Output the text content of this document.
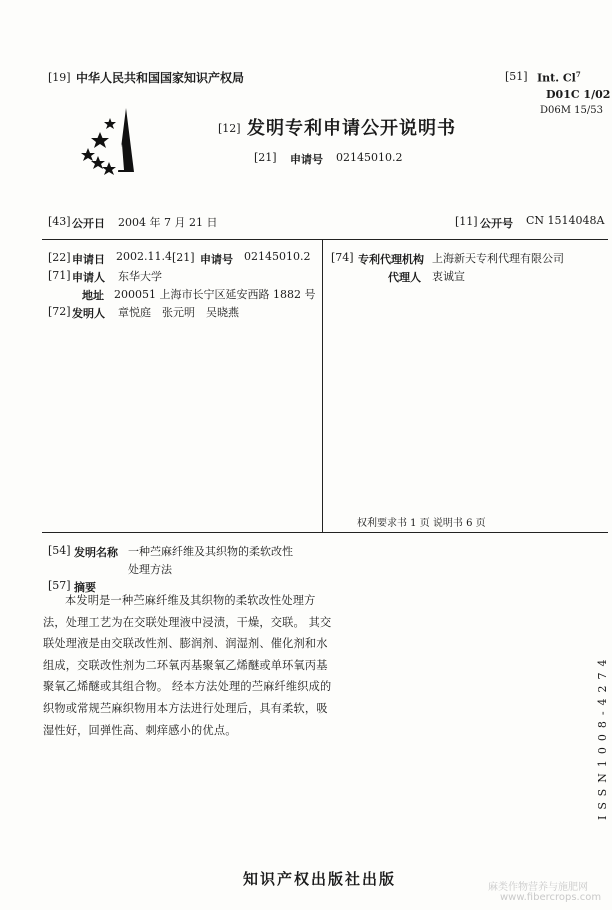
[19] 中华人民共和国国家知识产权局	[51] Int. Cl$^7$
D01C 1/02
D06M 15/53
[12] 发明专利申请公开说明书
[21] 申请号 02145010.2
[43] 公开日 2004 年 7 月 21 日	[11] 公开号 CN 1514048A
[22] 申请日 2002.11.4 [21] 申请号 02145010.2
[71] 申请人 东华大学
地址 200051 上海市长宁区延安西路 1882 号
[72] 发明人 章悦庭　张元明　吴晓燕
[74] 专利代理机构 上海新天专利代理有限公司
代理人 衷诚宣
权利要求书 1 页 说明书 6 页
[54] 发明名称 一种苎麻纤维及其织物的柔软改性
处理方法
[57] 摘要
本发明是一种苎麻纤维及其织物的柔软改性处理方法，处理工艺为在交联处理液中浸渍，干燥，交联。 其交联处理液是由交联改性剂、膨润剂、润湿剂、催化剂和水组成，交联改性剂为二环氧丙基聚氧乙烯醚或单环氧丙基聚氧乙烯醚或其组合物。 经本方法处理的苎麻纤维织成的织物或常规苎麻织物用本方法进行处理后，具有柔软，吸湿性好，回弹性高、刺痒感小的优点。	ISSN1008-4274
知识产权出版社出版	麻类作物营养与施肥网
www.fibercrops.com
